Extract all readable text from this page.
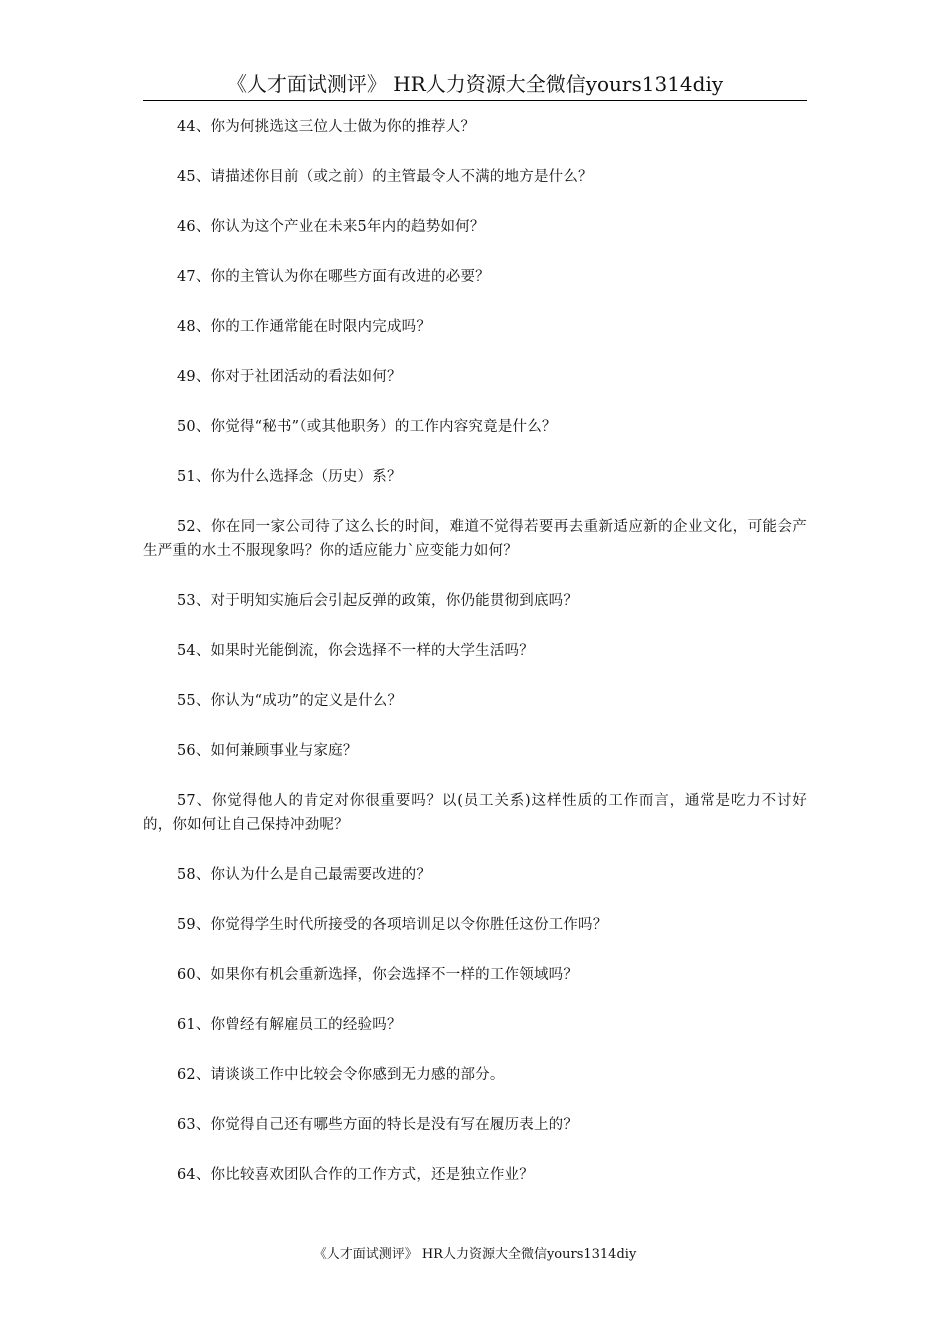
《人才面试测评》 HR人力资源大全微信yours1314diy
44、你为何挑选这三位人士做为你的推荐人？
45、请描述你目前（或之前）的主管最令人不满的地方是什么？
46、你认为这个产业在未来5年内的趋势如何？
47、你的主管认为你在哪些方面有改进的必要？
48、你的工作通常能在时限内完成吗？
49、你对于社团活动的看法如何？
50、你觉得“秘书”（或其他职务）的工作内容究竟是什么？
51、你为什么选择念（历史）系？
52、你在同一家公司待了这么长的时间，难道不觉得若要再去重新适应新的企业文化，可能会产生严重的水土不服现象吗？你的适应能力`应变能力如何？
53、对于明知实施后会引起反弹的政策，你仍能贯彻到底吗？
54、如果时光能倒流，你会选择不一样的大学生活吗？
55、你认为“成功”的定义是什么？
56、如何兼顾事业与家庭？
57、你觉得他人的肯定对你很重要吗？以(员工关系)这样性质的工作而言，通常是吃力不讨好的，你如何让自己保持冲劲呢？
58、你认为什么是自己最需要改进的？
59、你觉得学生时代所接受的各项培训足以令你胜任这份工作吗？
60、如果你有机会重新选择，你会选择不一样的工作领域吗？
61、你曾经有解雇员工的经验吗？
62、请谈谈工作中比较会令你感到无力感的部分。
63、你觉得自己还有哪些方面的特长是没有写在履历表上的？
64、你比较喜欢团队合作的工作方式，还是独立作业？
《人才面试测评》 HR人力资源大全微信yours1314diy
